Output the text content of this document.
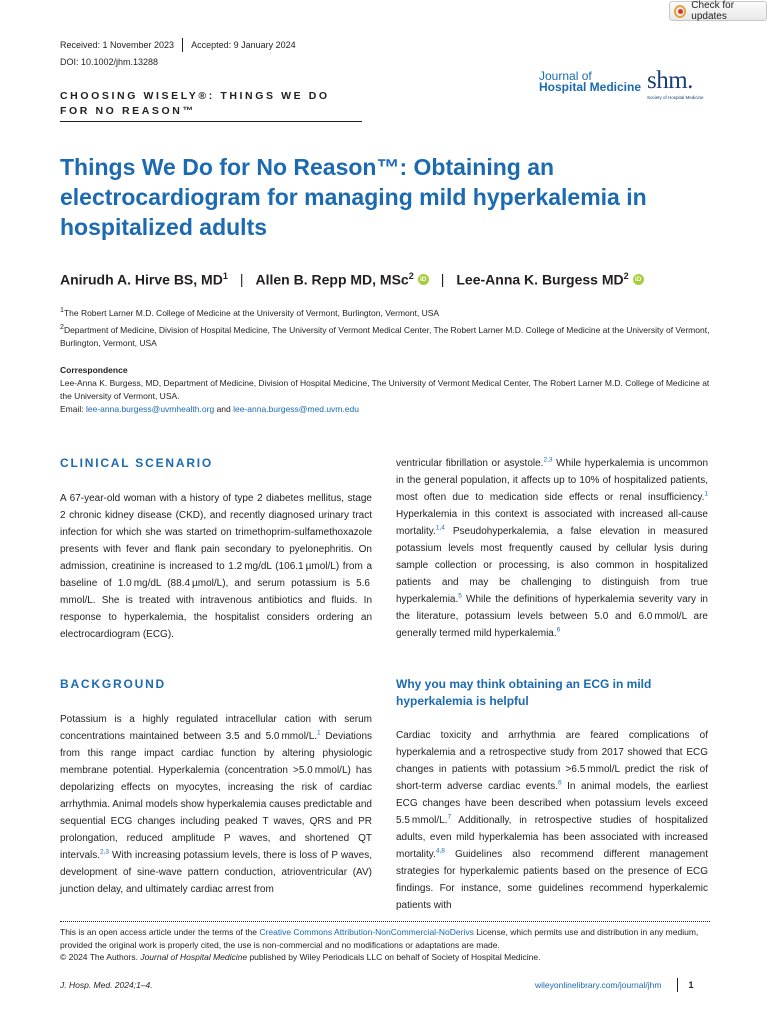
Check for updates
Received: 1 November 2023 Accepted: 9 January 2024
DOI: 10.1002/jhm.13288
CHOOSING WISELY®: THINGS WE DO FOR NO REASON™
Journal of
Hospital Medicine shm.
Society of Hospital Medicine
Things We Do for No Reason™: Obtaining an electrocardiogram for managing mild hyperkalemia in hospitalized adults
Anirudh A. Hirve BS, $MD^1$ | Allen B. Repp MD, MSc$^2$ iD | Lee-Anna K. Burgess $MD^2$ iD
$^1$The Robert Larner M.D. College of Medicine at the University of Vermont, Burlington, Vermont, USA
$^2$Department of Medicine, Division of Hospital Medicine, The University of Vermont Medical Center, The Robert Larner M.D. College of Medicine at the University of Vermont, Burlington, Vermont, USA
Correspondence
Lee-Anna K. Burgess, MD, Department of Medicine, Division of Hospital Medicine, The University of Vermont Medical Center, The Robert Larner M.D. College of Medicine at the University of Vermont, USA.
Email: lee-anna.burgess@uvmhealth.org and lee-anna.burgess@med.uvm.edu
CLINICAL SCENARIO

A 67-year-old woman with a history of type 2 diabetes mellitus, stage 2 chronic kidney disease (CKD), and recently diagnosed urinary tract infection for which she was started on trimethoprim-sulfamethoxazole presents with fever and flank pain secondary to pyelonephritis. On admission, creatinine is increased to 1.2 mg/dL (106.1 µmol/L) from a baseline of 1.0 mg/dL (88.4 µmol/L), and serum potassium is 5.6 mmol/L. She is treated with intravenous antibiotics and fluids. In response to hyperkalemia, the hospitalist considers ordering an electrocardiogram (ECG).

BACKGROUND

Potassium is a highly regulated intracellular cation with serum concentrations maintained between 3.5 and 5.0 mmol/L.$^1$ Deviations from this range impact cardiac function by altering physiologic membrane potential. Hyperkalemia (concentration >5.0 mmol/L) has depolarizing effects on myocytes, increasing the risk of cardiac arrhythmia. Animal models show hyperkalemia causes predictable and sequential ECG changes including peaked T waves, QRS and PR prolongation, reduced amplitude P waves, and shortened QT intervals.$^{2,3}$ With increasing potassium levels, there is loss of P waves, development of sine-wave pattern conduction, atrioventricular (AV) junction delay, and ultimately cardiac arrest from

ventricular fibrillation or asystole.$^{2,3}$ While hyperkalemia is uncommon in the general population, it affects up to 10% of hospitalized patients, most often due to medication side effects or renal insufficiency.$^1$ Hyperkalemia in this context is associated with increased all-cause mortality.$^{1,4}$ Pseudohyperkalemia, a false elevation in measured potassium levels most frequently caused by cellular lysis during sample collection or processing, is also common in hospitalized patients and may be challenging to distinguish from true hyperkalemia.$^5$ While the definitions of hyperkalemia severity vary in the literature, potassium levels between 5.0 and 6.0 mmol/L are generally termed mild hyperkalemia.$^6$

Why you may think obtaining an ECG in mild hyperkalemia is helpful

Cardiac toxicity and arrhythmia are feared complications of hyperkalemia and a retrospective study from 2017 showed that ECG changes in patients with potassium >6.5 mmol/L predict the risk of short-term adverse cardiac events.$^6$ In animal models, the earliest ECG changes have been described when potassium levels exceed 5.5 mmol/L.$^7$ Additionally, in retrospective studies of hospitalized adults, even mild hyperkalemia has been associated with increased mortality.$^{4,8}$ Guidelines also recommend different management strategies for hyperkalemic patients based on the presence of ECG findings. For instance, some guidelines recommend hyperkalemic patients with

This is an open access article under the terms of the Creative Commons Attribution-NonCommercial-NoDerivs License, which permits use and distribution in any medium, provided the original work is properly cited, the use is non-commercial and no modifications or adaptations are made.
© 2024 The Authors. Journal of Hospital Medicine published by Wiley Periodicals LLC on behalf of Society of Hospital Medicine.
J. Hosp. Med. 2024;1–4.	wileyonlinelibrary.com/journal/jhm	1
